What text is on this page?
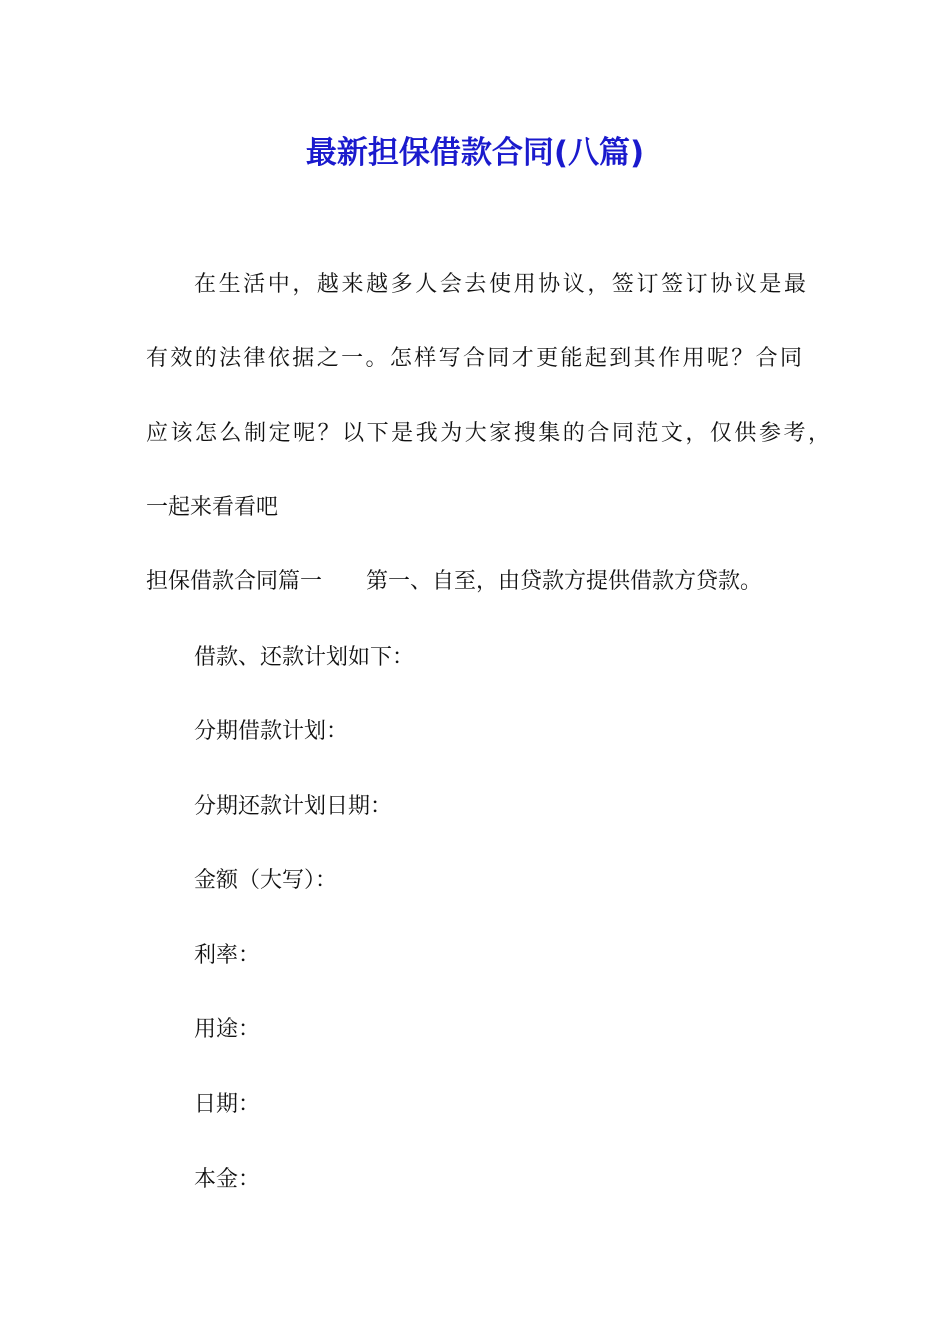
最新担保借款合同(八篇)
在生活中，越来越多人会去使用协议，签订签订协议是最
有效的法律依据之一。怎样写合同才更能起到其作用呢？合同
应该怎么制定呢？以下是我为大家搜集的合同范文，仅供参考，
一起来看看吧
担保借款合同篇一 第一、自至，由贷款方提供借款方贷款。
借款、还款计划如下：
分期借款计划：
分期还款计划日期：
金额（大写）：
利率：
用途：
日期：
本金：
